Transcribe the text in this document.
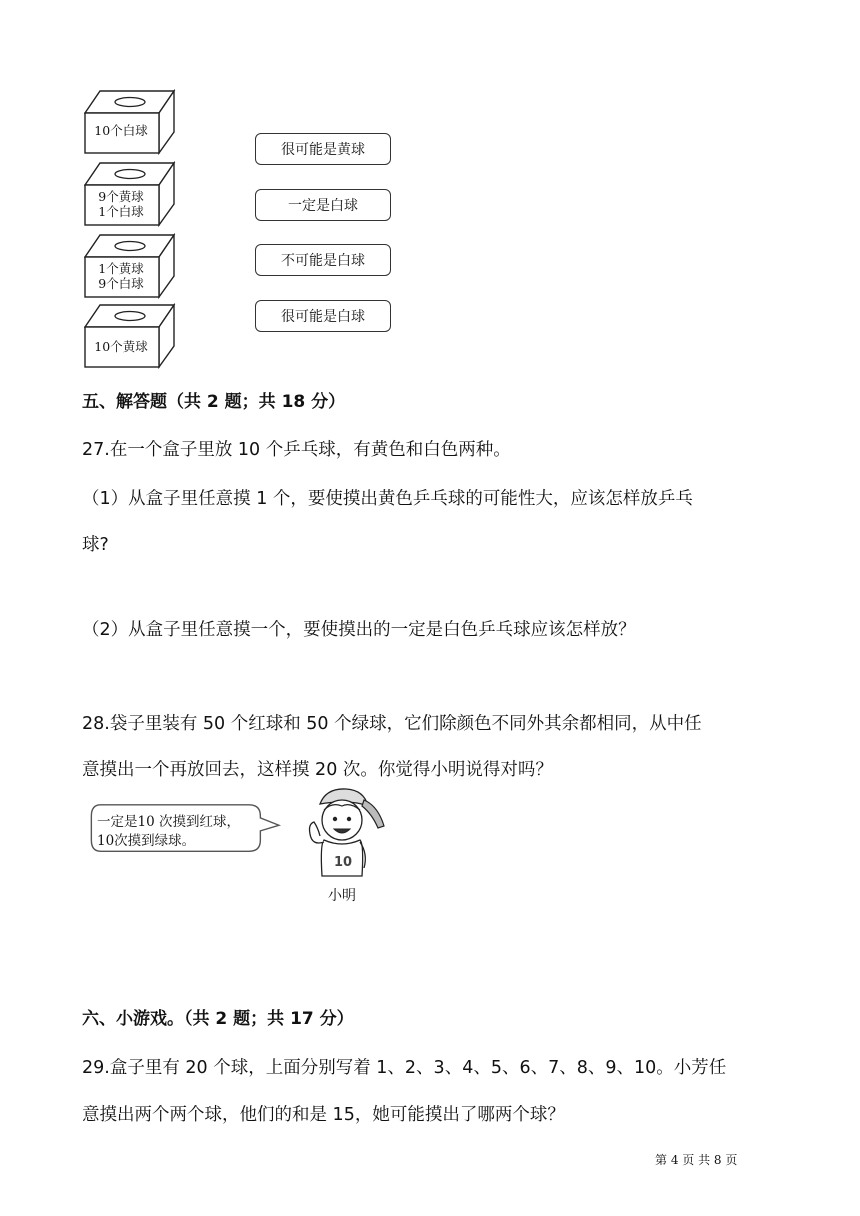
10个白球
9个黄球
1个白球
1个黄球
9个白球
10个黄球
很可能是黄球
一定是白球
不可能是白球
很可能是白球
五、解答题（共 2 题；共 18 分）
27.在一个盒子里放 10 个乒乓球，有黄色和白色两种。
（1）从盒子里任意摸 1 个，要使摸出黄色乒乓球的可能性大，应该怎样放乒乓
球?
（2）从盒子里任意摸一个，要使摸出的一定是白色乒乓球应该怎样放？
28.袋子里装有 50 个红球和 50 个绿球，它们除颜色不同外其余都相同，从中任
意摸出一个再放回去，这样摸 20 次。你觉得小明说得对吗？
一定是10 次摸到红球，
10次摸到绿球。
10
小明
六、小游戏。（共 2 题；共 17 分）
29.盒子里有 20 个球，上面分别写着 1、2、3、4、5、6、7、8、9、10。小芳任
意摸出两个两个球，他们的和是 15，她可能摸出了哪两个球？
第 4 页 共 8 页
